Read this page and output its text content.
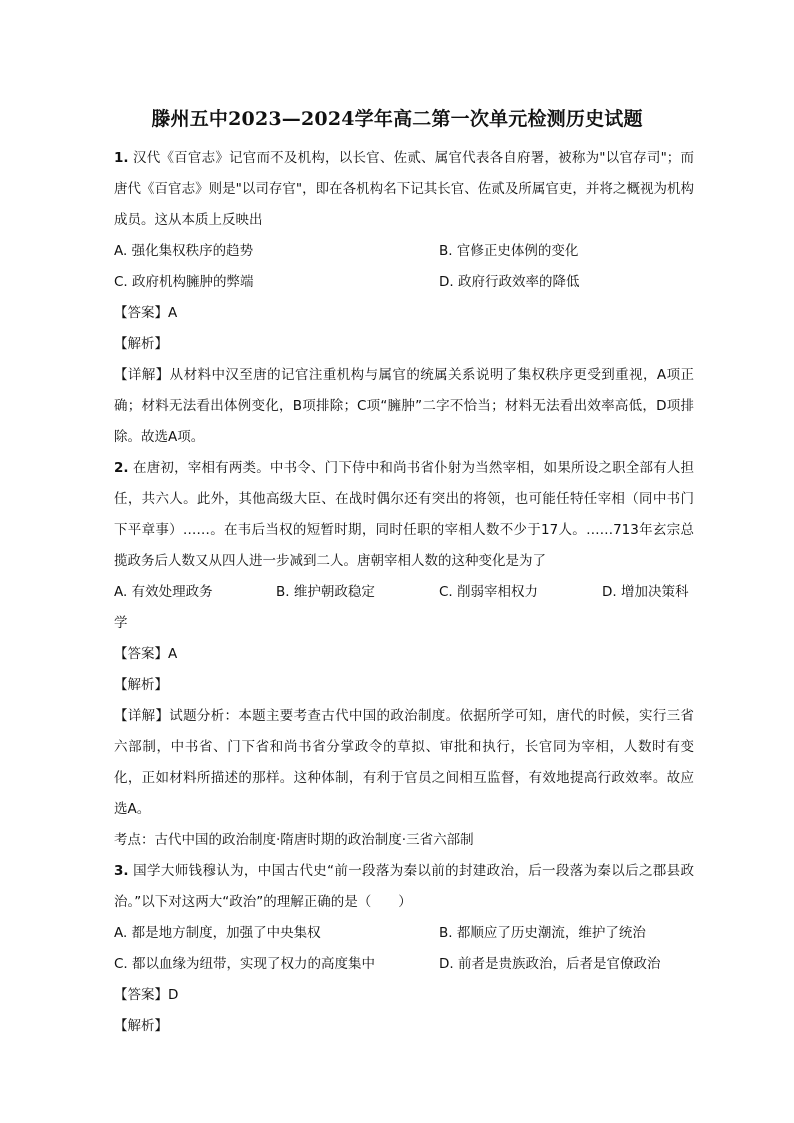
滕州五中2023—2024学年高二第一次单元检测历史试题

1. 汉代《百官志》记官而不及机构，以长官、佐贰、属官代表各自府署，被称为"以官存司"；而唐代《百官志》则是"以司存官"，即在各机构名下记其长官、佐贰及所属官吏，并将之概视为机构成员。这从本质上反映出

A. 强化集权秩序的趋势	B. 官修正史体例的变化
C. 政府机构臃肿的弊端	D. 政府行政效率的降低

【答案】A

【解析】

【详解】从材料中汉至唐的记官注重机构与属官的统属关系说明了集权秩序更受到重视，A项正确；材料无法看出体例变化，B项排除；C项“臃肿”二字不恰当；材料无法看出效率高低，D项排除。故选A项。

2. 在唐初，宰相有两类。中书令、门下侍中和尚书省仆射为当然宰相，如果所设之职全部有人担任，共六人。此外，其他高级大臣、在战时偶尔还有突出的将领，也可能任特任宰相（同中书门下平章事）……。在韦后当权的短暂时期，同时任职的宰相人数不少于17人。……713年玄宗总揽政务后人数又从四人进一步减到二人。唐朝宰相人数的这种变化是为了

A. 有效处理政务	B. 维护朝政稳定	C. 削弱宰相权力	D. 增加决策科

学

【答案】A

【解析】

【详解】试题分析：本题主要考查古代中国的政治制度。依据所学可知，唐代的时候，实行三省六部制，中书省、门下省和尚书省分掌政令的草拟、审批和执行，长官同为宰相，人数时有变化，正如材料所描述的那样。这种体制，有利于官员之间相互监督，有效地提高行政效率。故应选A。

考点：古代中国的政治制度·隋唐时期的政治制度·三省六部制

3. 国学大师钱穆认为，中国古代史“前一段落为秦以前的封建政治，后一段落为秦以后之郡县政治。”以下对这两大“政治”的理解正确的是（　　）

A. 都是地方制度，加强了中央集权	B. 都顺应了历史潮流，维护了统治
C. 都以血缘为纽带，实现了权力的高度集中	D. 前者是贵族政治，后者是官僚政治

【答案】D

【解析】
